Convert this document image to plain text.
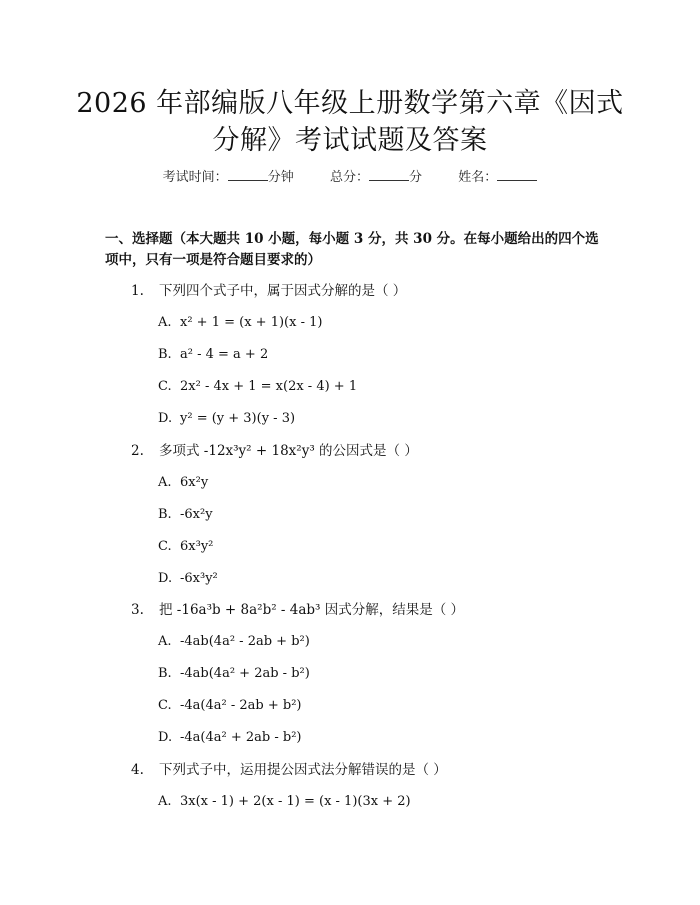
2026 年部编版八年级上册数学第六章《因式
分解》考试试题及答案
考试时间：	分钟	总分：	分	姓名：
一、选择题（本大题共 10 小题，每小题 3 分，共 30 分。在每小题给出的四个选项中，只有一项是符合题目要求的）
1. 下列四个式子中，属于因式分解的是（ ）
A. x² + 1 = (x + 1)(x - 1)
B. a² - 4 = a + 2
C. 2x² - 4x + 1 = x(2x - 4) + 1
D. y² = (y + 3)(y - 3)
2. 多项式 -12x³y² + 18x²y³ 的公因式是（ ）
A. 6x²y
B. -6x²y
C. 6x³y²
D. -6x³y²
3. 把 -16a³b + 8a²b² - 4ab³ 因式分解，结果是（ ）
A. -4ab(4a² - 2ab + b²)
B. -4ab(4a² + 2ab - b²)
C. -4a(4a² - 2ab + b²)
D. -4a(4a² + 2ab - b²)
4. 下列式子中，运用提公因式法分解错误的是（ ）
A. 3x(x - 1) + 2(x - 1) = (x - 1)(3x + 2)
